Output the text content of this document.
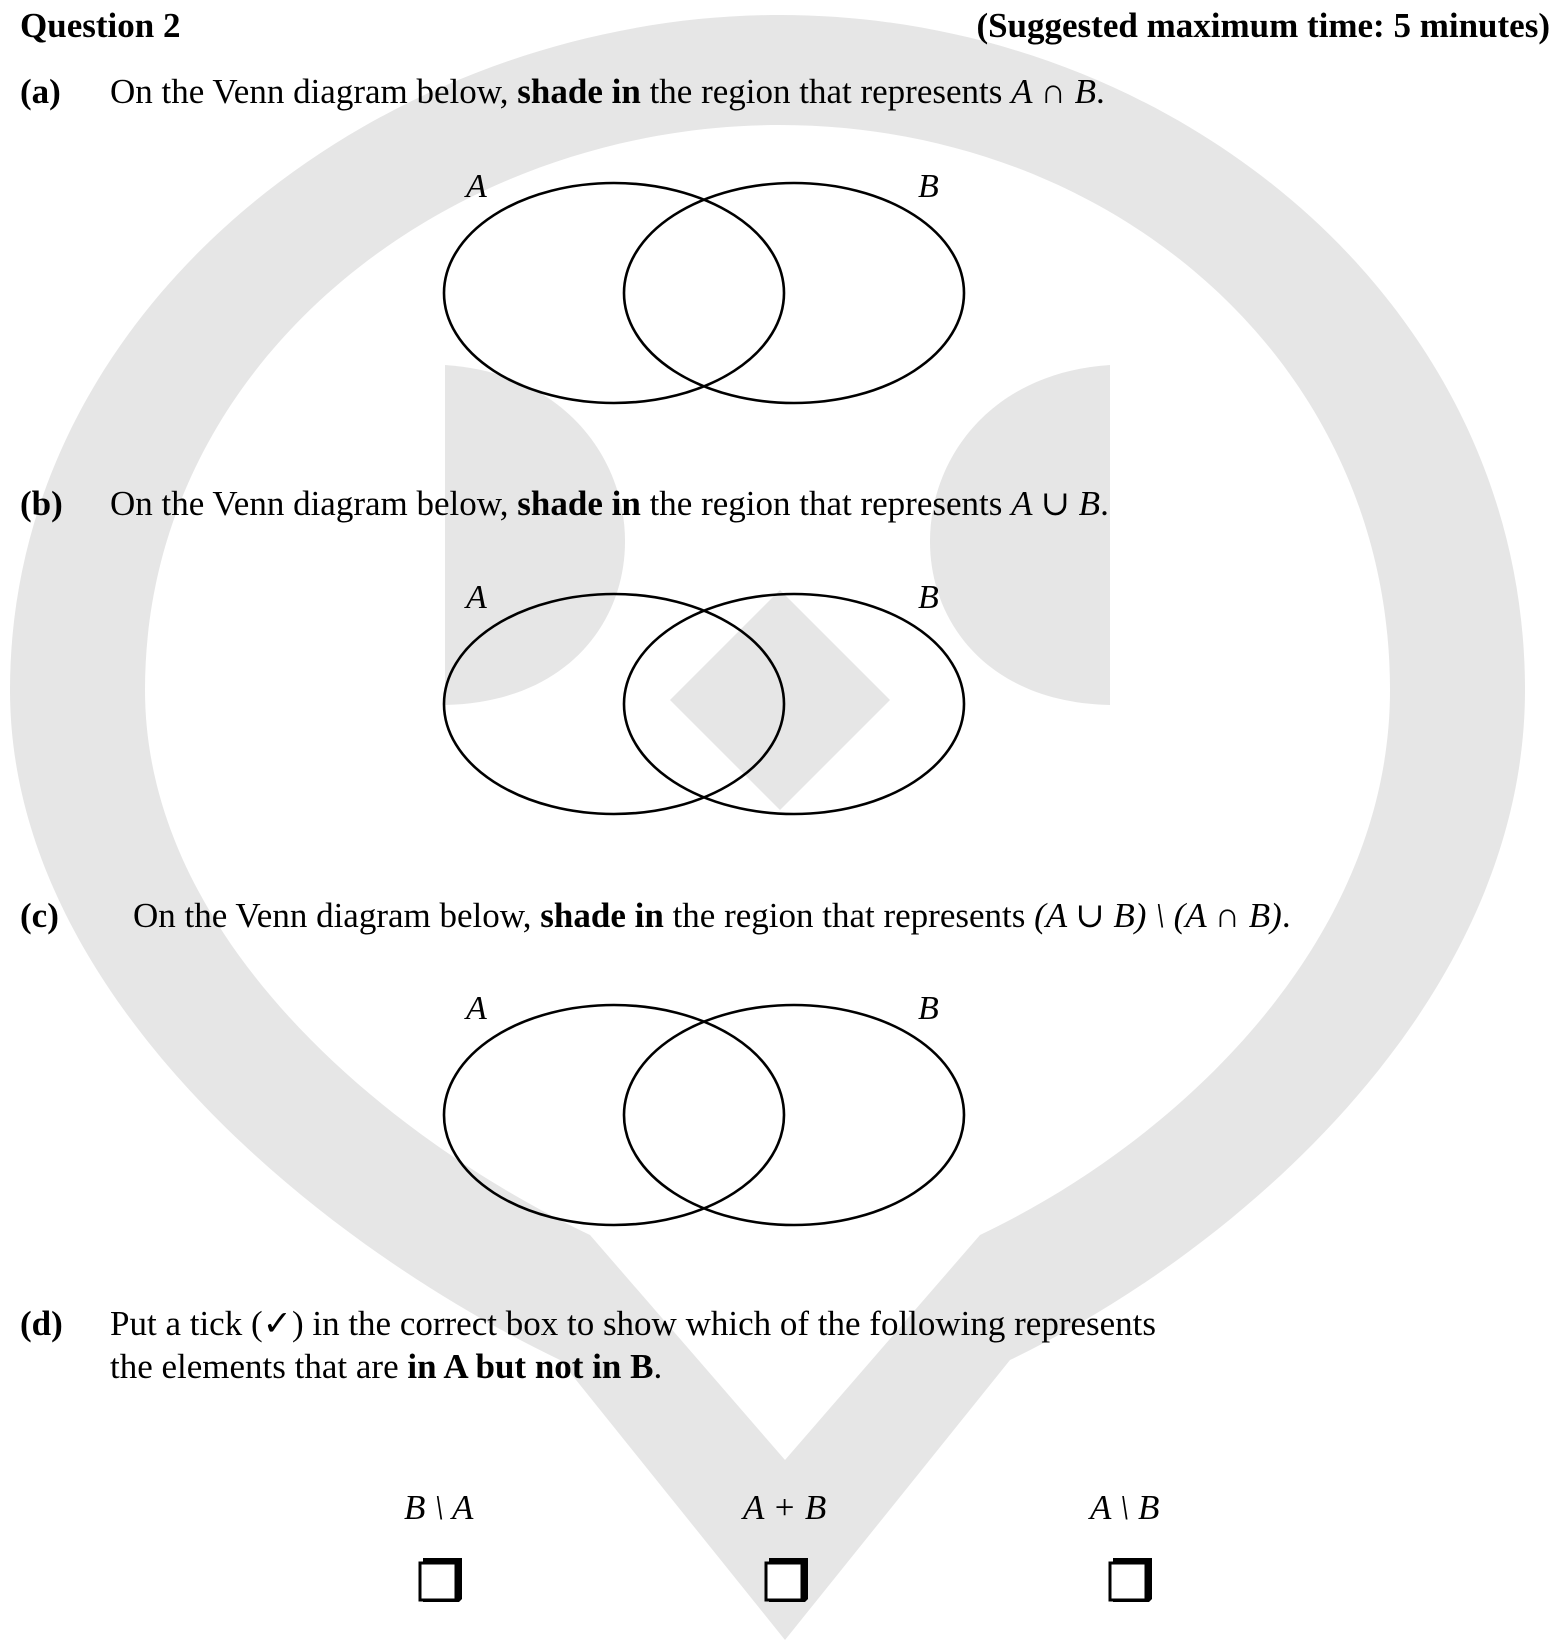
Question 2	(Suggested maximum time: 5 minutes)
(a) On the Venn diagram below, shade in the region that represents A ∩ B.
A	B
(b) On the Venn diagram below, shade in the region that represents A ∪ B.
A	B
(c) On the Venn diagram below, shade in the region that represents (A ∪ B) \ (A ∩ B).
A	B
(d) Put a tick (✓) in the correct box to show which of the following represents
the elements that are in A but not in B.
B \ A	A + B	A \ B
